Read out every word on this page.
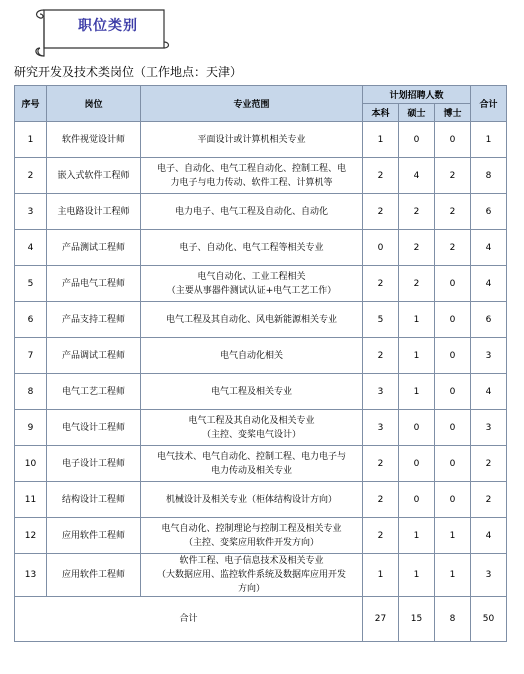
职位类别
研究开发及技术类岗位（工作地点：天津）
序号	岗位	专业范围	计划招聘人数			合计
			本科	硕士	博士	
1	软件视觉设计师	平面设计或计算机相关专业	1	0	0	1
2	嵌入式软件工程师	电子、自动化、电气工程自动化、控制工程、电
力电子与电力传动、软件工程、计算机等	2	4	2	8
3	主电路设计工程师	电力电子、电气工程及自动化、自动化	2	2	2	6
4	产品测试工程师	电子、自动化、电气工程等相关专业	0	2	2	4
5	产品电气工程师	电气自动化、工业工程相关
（主要从事器件测试认证+电气工艺工作）	2	2	0	4
6	产品支持工程师	电气工程及其自动化、风电新能源相关专业	5	1	0	6
7	产品调试工程师	电气自动化相关	2	1	0	3
8	电气工艺工程师	电气工程及相关专业	3	1	0	4
9	电气设计工程师	电气工程及其自动化及相关专业
（主控、变桨电气设计）	3	0	0	3
10	电子设计工程师	电气技术、电气自动化、控制工程、电力电子与
电力传动及相关专业	2	0	0	2
11	结构设计工程师	机械设计及相关专业（柜体结构设计方向）	2	0	0	2
12	应用软件工程师	电气自动化、控制理论与控制工程及相关专业
（主控、变桨应用软件开发方向）	2	1	1	4
13	应用软件工程师	软件工程、电子信息技术及相关专业
（大数据应用、监控软件系统及数据库应用开发
方向）	1	1	1	3
合计			27	15	8	50
